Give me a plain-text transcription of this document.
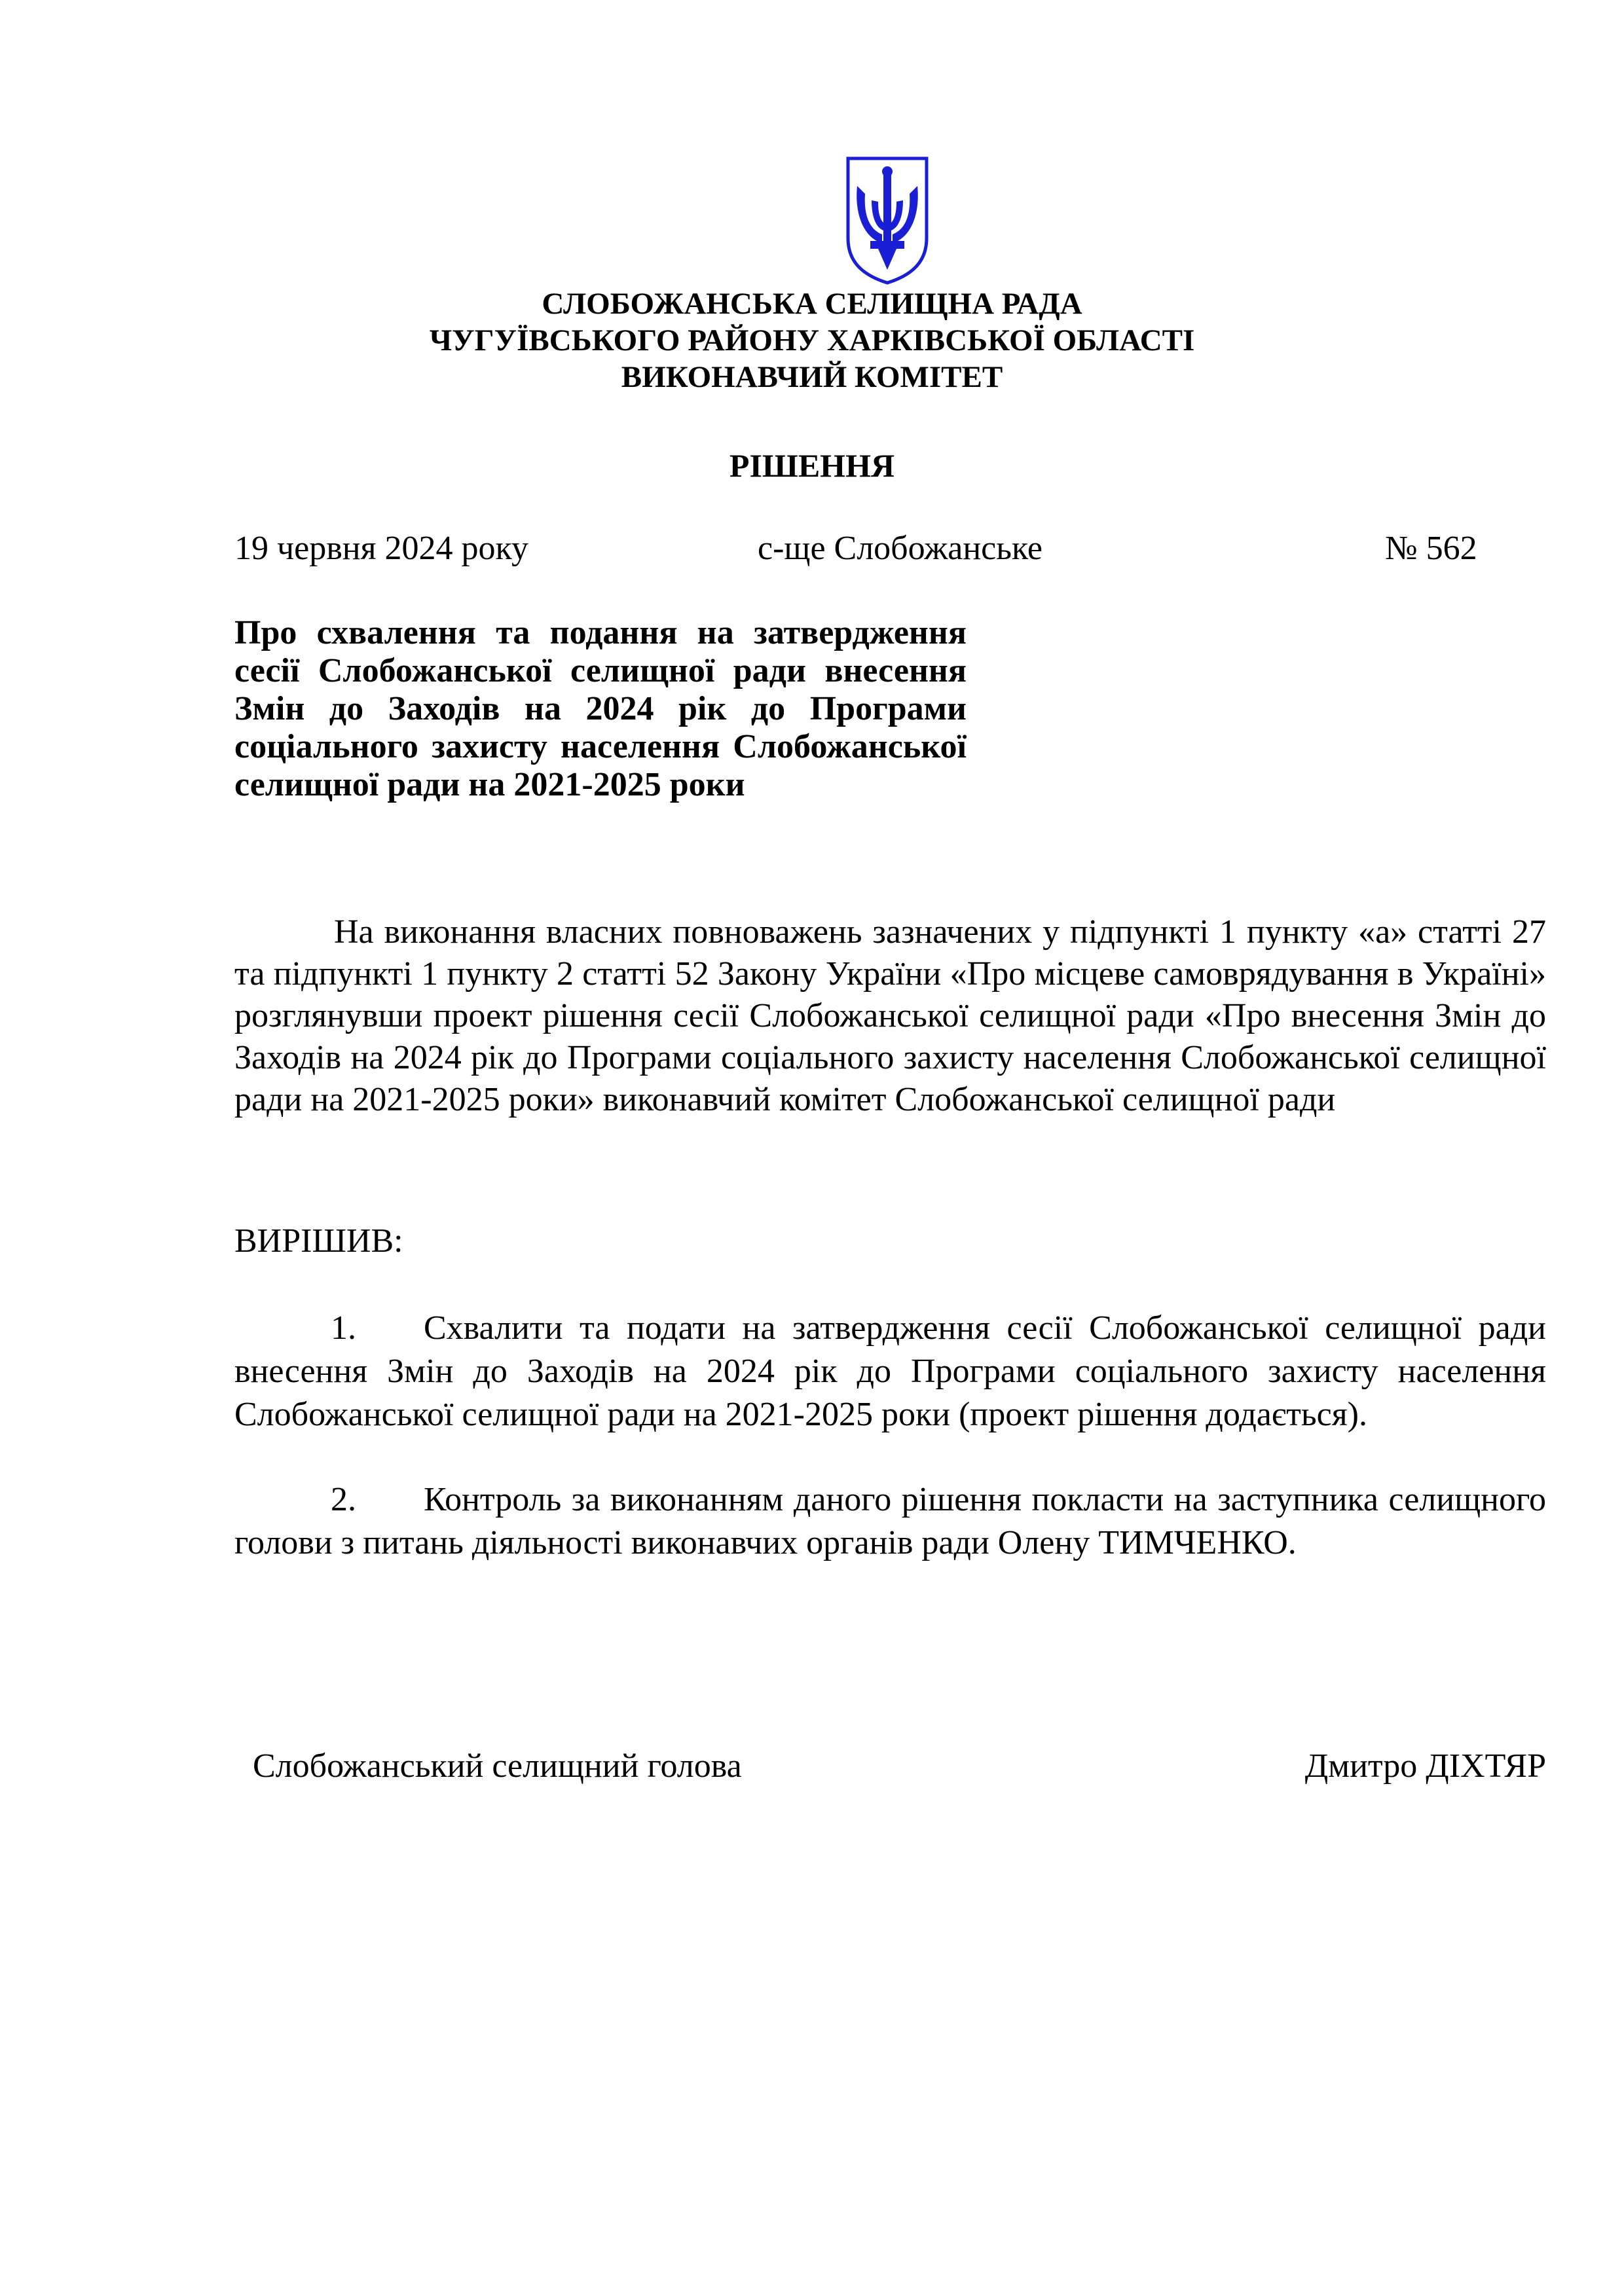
СЛОБОЖАНСЬКА СЕЛИЩНА РАДА
ЧУГУЇВСЬКОГО РАЙОНУ ХАРКІВСЬКОЇ ОБЛАСТІ
ВИКОНАВЧИЙ КОМІТЕТ
РІШЕННЯ
19 червня 2024 року	с-ще Слобожанське	№ 562
Про схвалення та подання на затвердження сесії Слобожанської селищної ради внесення Змін до Заходів на 2024 рік до Програми соціального захисту населення Слобожанської селищної ради на 2021-2025 роки
На виконання власних повноважень зазначених у підпункті 1 пункту «а» статті 27 та підпункті 1 пункту 2 статті 52 Закону України «Про місцеве самоврядування в Україні» розглянувши проект рішення сесії Слобожанської селищної ради «Про внесення Змін до Заходів на 2024 рік до Програми соціального захисту населення Слобожанської селищної ради на 2021-2025 роки» виконавчий комітет Слобожанської селищної ради
ВИРІШИВ:
1. Схвалити та подати на затвердження сесії Слобожанської селищної ради внесення Змін до Заходів на 2024 рік до Програми соціального захисту населення Слобожанської селищної ради на 2021-2025 роки (проект рішення додається).
2. Контроль за виконанням даного рішення покласти на заступника селищного голови з питань діяльності виконавчих органів ради Олену ТИМЧЕНКО.
Слобожанський селищний голова	Дмитро ДІХТЯР
